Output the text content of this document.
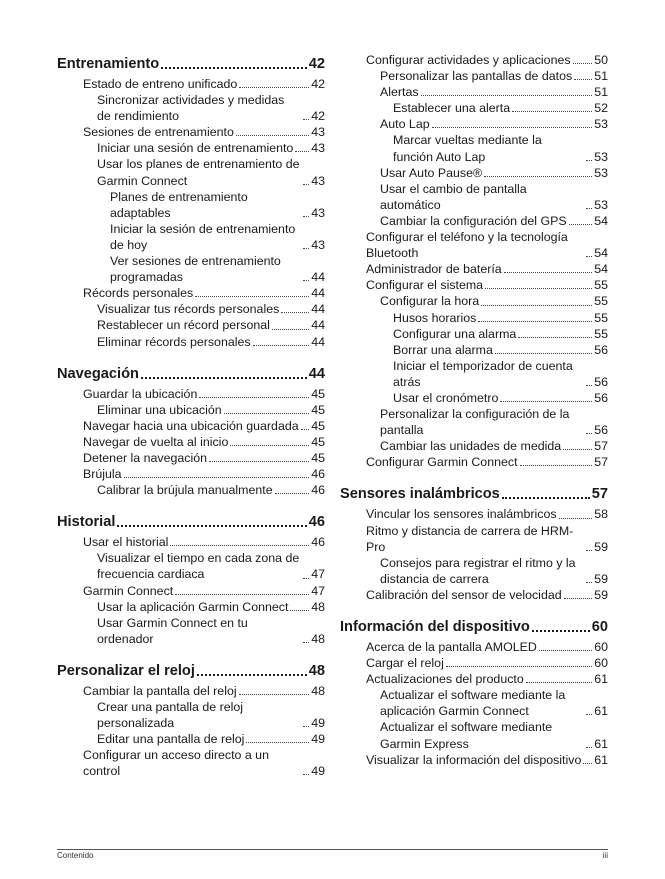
Entrenamiento	42
Estado de entreno unificado	42
Sincronizar actividades y medidas de rendimiento	42
Sesiones de entrenamiento	43
Iniciar una sesión de entrenamiento 43
Usar los planes de entrenamiento de Garmin Connect	43
Planes de entrenamiento adaptables	43
Iniciar la sesión de entrenamiento de hoy	43
Ver sesiones de entrenamiento programadas	44
Récords personales	44
Visualizar tus récords personales	44
Restablecer un récord personal	44
Eliminar récords personales	44
Navegación	44
Guardar la ubicación	45
Eliminar una ubicación	45
Navegar hacia una ubicación guardada 45
Navegar de vuelta al inicio	45
Detener la navegación	45
Brújula	46
Calibrar la brújula manualmente	46
Historial	46
Usar el historial	46
Visualizar el tiempo en cada zona de frecuencia cardiaca	47
Garmin Connect	47
Usar la aplicación Garmin Connect 48
Usar Garmin Connect en tu ordenador	48
Personalizar el reloj	48
Cambiar la pantalla del reloj	48
Crear una pantalla de reloj personalizada	49
Editar una pantalla de reloj	49
Configurar un acceso directo a un control	49
Configurar actividades y aplicaciones 50
Personalizar las pantallas de datos 51
Alertas	51
Establecer una alerta	52
Auto Lap	53
Marcar vueltas mediante la función Auto Lap	53
Usar Auto Pause®	53
Usar el cambio de pantalla automático	53
Cambiar la configuración del GPS 54
Configurar el teléfono y la tecnología Bluetooth	54
Administrador de batería	54
Configurar el sistema	55
Configurar la hora	55
Husos horarios	55
Configurar una alarma	55
Borrar una alarma	56
Iniciar el temporizador de cuenta atrás	56
Usar el cronómetro	56
Personalizar la configuración de la pantalla	56
Cambiar las unidades de medida	57
Configurar Garmin Connect	57
Sensores inalámbricos	57
Vincular los sensores inalámbricos	58
Ritmo y distancia de carrera de HRM-Pro	59
Consejos para registrar el ritmo y la distancia de carrera	59
Calibración del sensor de velocidad	59
Información del dispositivo	60
Acerca de la pantalla AMOLED	60
Cargar el reloj	60
Actualizaciones del producto	61
Actualizar el software mediante la aplicación Garmin Connect	61
Actualizar el software mediante Garmin Express	61
Visualizar la información del dispositivo 61
Contenido	iii
